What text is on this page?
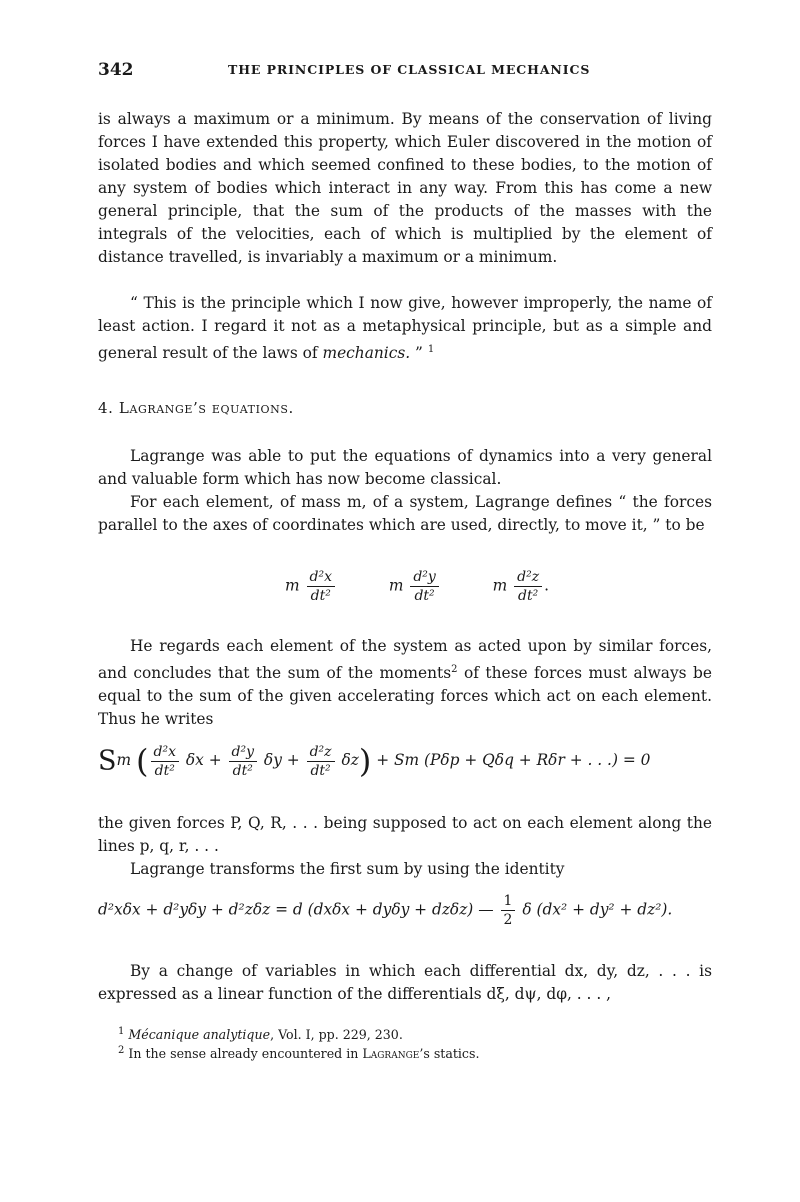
342	THE PRINCIPLES OF CLASSICAL MECHANICS
is always a maximum or a minimum. By means of the conservation of living forces I have extended this property, which Euler discovered in the motion of isolated bodies and which seemed confined to these bodies, to the motion of any system of bodies which interact in any way. From this has come a new general principle, that the sum of the products of the masses with the integrals of the velocities, each of which is multiplied by the element of distance travelled, is invariably a maximum or a minimum.
“ This is the principle which I now give, however improperly, the name of least action. I regard it not as a metaphysical principle, but as a simple and general result of the laws of mechanics. ” $^1$
4. Lagrange’s equations.
Lagrange was able to put the equations of dynamics into a very general and valuable form which has now become classical.
For each element, of mass m, of a system, Lagrange defines “ the forces parallel to the axes of coordinates which are used, directly, to move it, ” to be
m $\frac{\text{d²x}}{\text{dt²}}$	m $\frac{\text{d²y}}{\text{dt²}}$	m $\frac{\text{d²z}}{\text{dt²}}$ .
He regards each element of the system as acted upon by similar forces, and concludes that the sum of the moments$^2$ of these forces must always be equal to the sum of the given accelerating forces which act on each element. Thus he writes
Sm ( $\frac{\text{d²x}}{\text{dt²}}$ $\delta x + \frac{\text{d²y}}{\text{dt²}}$ $\delta y + \frac{\text{d²z}}{\text{dt²}} \delta z) + Sm$ (Pδp + Qδq + Rδr + . . .) = 0
the given forces P, Q, R, . . . being supposed to act on each element along the lines p, q, r, . . .
Lagrange transforms the first sum by using the identity
d²xδx + d²yδy + d²zδz = d (dxδx + dyδy + dzδz) — $\frac{1}{2}$ δ (dx² + dy² + dz²).
By a change of variables in which each differential dx, dy, dz, . . . is expressed as a linear function of the differentials dξ, dψ, dφ, . . . ,
$^1$ Mécanique analytique, Vol. I, pp. 229, 230.
$^2$ In the sense already encountered in Lagrange’s statics.
